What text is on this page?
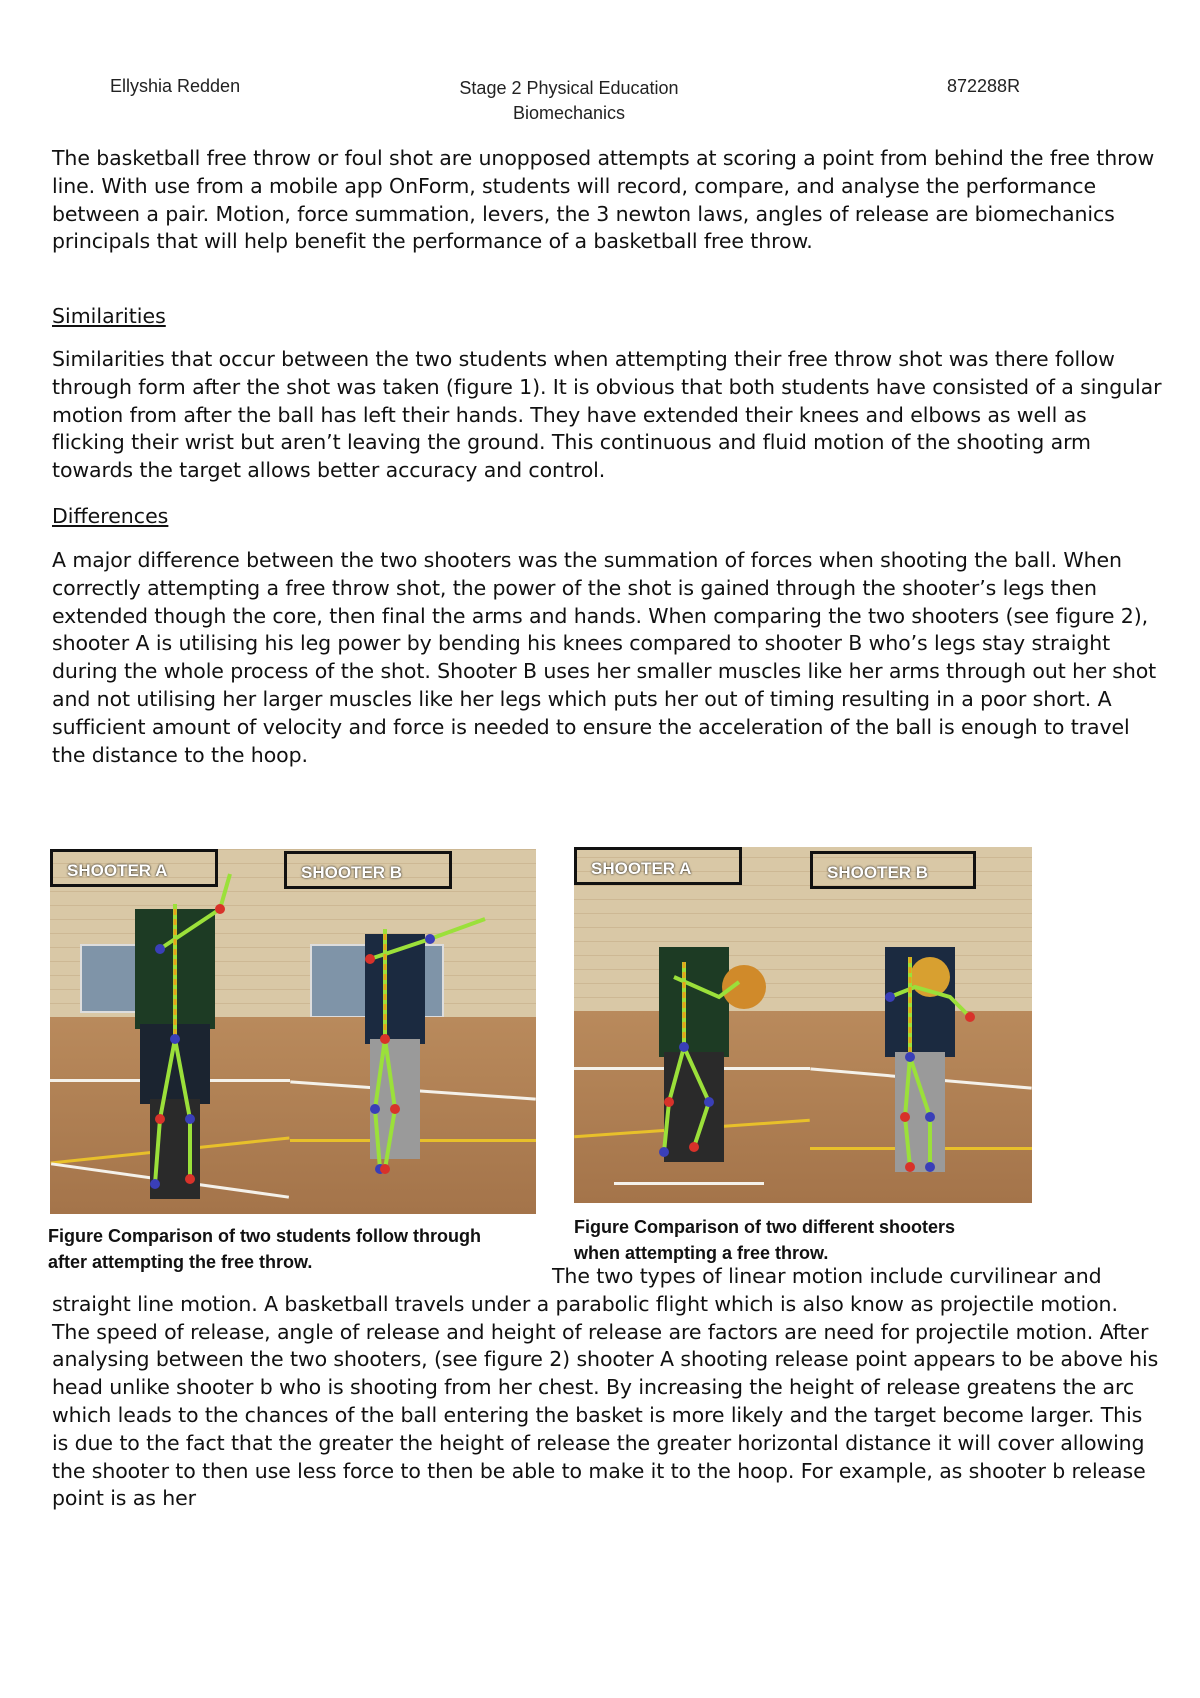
Ellyshia Redden	Stage 2 Physical Education
Biomechanics
872288R

The basketball free throw or foul shot are unopposed attempts at scoring a point from behind the free throw line. With use from a mobile app OnForm, students will record, compare, and analyse the performance between a pair. Motion, force summation, levers, the 3 newton laws, angles of release are biomechanics principals that will help benefit the performance of a basketball free throw.

Similarities

Similarities that occur between the two students when attempting their free throw shot was there follow through form after the shot was taken (figure 1). It is obvious that both students have consisted of a singular motion from after the ball has left their hands. They have extended their knees and elbows as well as flicking their wrist but aren’t leaving the ground. This continuous and fluid motion of the shooting arm towards the target allows better accuracy and control.

Differences

A major difference between the two shooters was the summation of forces when shooting the ball. When correctly attempting a free throw shot, the power of the shot is gained through the shooter’s legs then extended though the core, then final the arms and hands. When comparing the two shooters (see figure 2), shooter A is utilising his leg power by bending his knees compared to shooter B who’s legs stay straight during the whole process of the shot. Shooter B uses her smaller muscles like her arms through out her shot and not utilising her larger muscles like her legs which puts her out of timing resulting in a poor short. A sufficient amount of velocity and force is needed to ensure the acceleration of the ball is enough to travel the distance to the hoop.

SHOOTER A	SHOOTER B
Figure Comparison of two students follow through after attempting the free throw.
SHOOTER A	SHOOTER B
Figure Comparison of two different shooters when attempting a free throw.

The two types of linear motion include curvilinear and straight line motion. A basketball travels under a parabolic flight which is also know as projectile motion. The speed of release, angle of release and height of release are factors are need for projectile motion. After analysing between the two shooters, (see figure 2) shooter A shooting release point appears to be above his head unlike shooter b who is shooting from her chest. By increasing the height of release greatens the arc which leads to the chances of the ball entering the basket is more likely and the target become larger. This is due to the fact that the greater the height of release the greater horizontal distance it will cover allowing the shooter to then use less force to then be able to make it to the hoop. For example, as shooter b release point is as her
